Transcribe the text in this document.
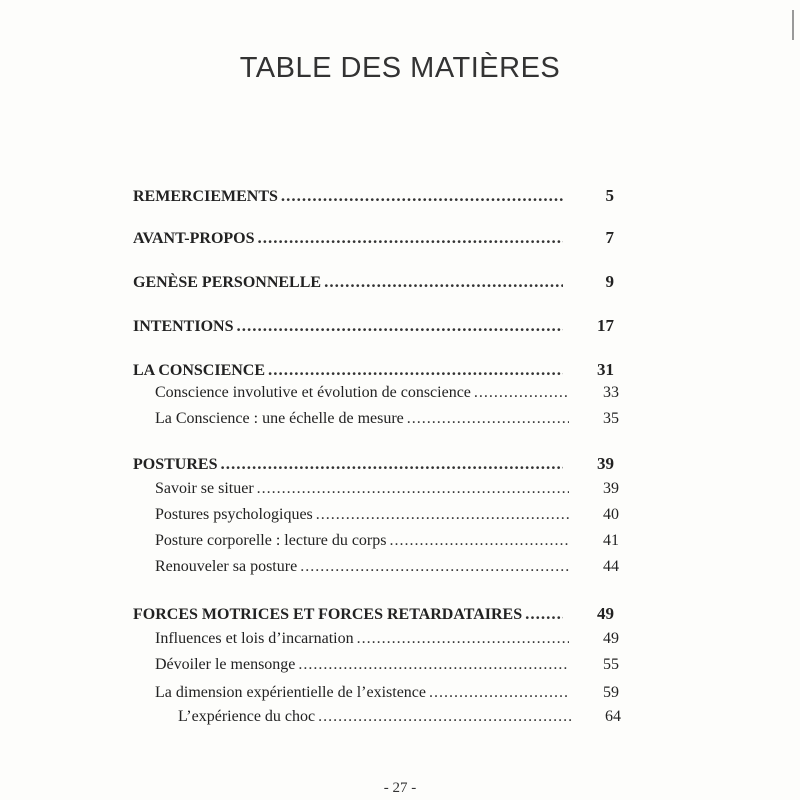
TABLE DES MATIÈRES
REMERCIEMENTS .....	5
AVANT-PROPOS .....	7
GENÈSE PERSONNELLE .....	9
INTENTIONS .....	17
LA CONSCIENCE .....	31
Conscience involutive et évolution de conscience .....	33
La Conscience : une échelle de mesure .....	35
POSTURES .....	39
Savoir se situer .....	39
Postures psychologiques .....	40
Posture corporelle : lecture du corps .....	41
Renouveler sa posture .....	44
FORCES MOTRICES ET FORCES RETARDATAIRES .....	49
Influences et lois d’incarnation .....	49
Dévoiler le mensonge .....	55
La dimension expérientielle de l’existence .....	59
L’expérience du choc .....	64
- 27 -
